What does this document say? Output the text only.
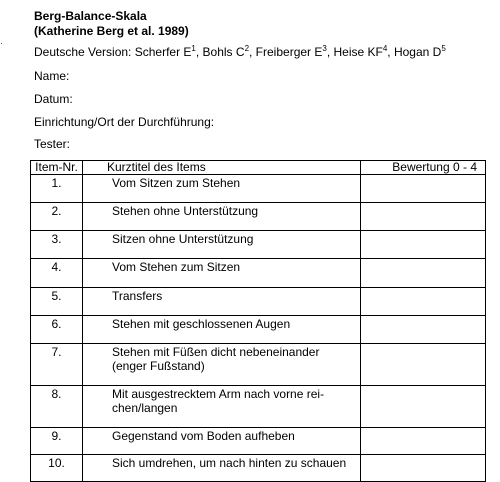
·
Berg-Balance-Skala
(Katherine Berg et al. 1989)
Deutsche Version: Scherfer $E^1$, Bohls $C^2$, Freiberger $E^3$, Heise $KF^4$, Hogan $D^5$
Name:
Datum:
Einrichtung/Ort der Durchführung:
Tester:
Item-Nr.	Kurztitel des Items	Bewertung 0 - 4
1.	Vom Sitzen zum Stehen	
2.	Stehen ohne Unterstützung	
3.	Sitzen ohne Unterstützung	
4.	Vom Stehen zum Sitzen	
5.	Transfers	
6.	Stehen mit geschlossenen Augen	
7.	Stehen mit Füßen dicht nebeneinander (enger Fußstand)	
8.	Mit ausgestrecktem Arm nach vorne rei-chen/langen	
9.	Gegenstand vom Boden aufheben	
10.	Sich umdrehen, um nach hinten zu schauen	
